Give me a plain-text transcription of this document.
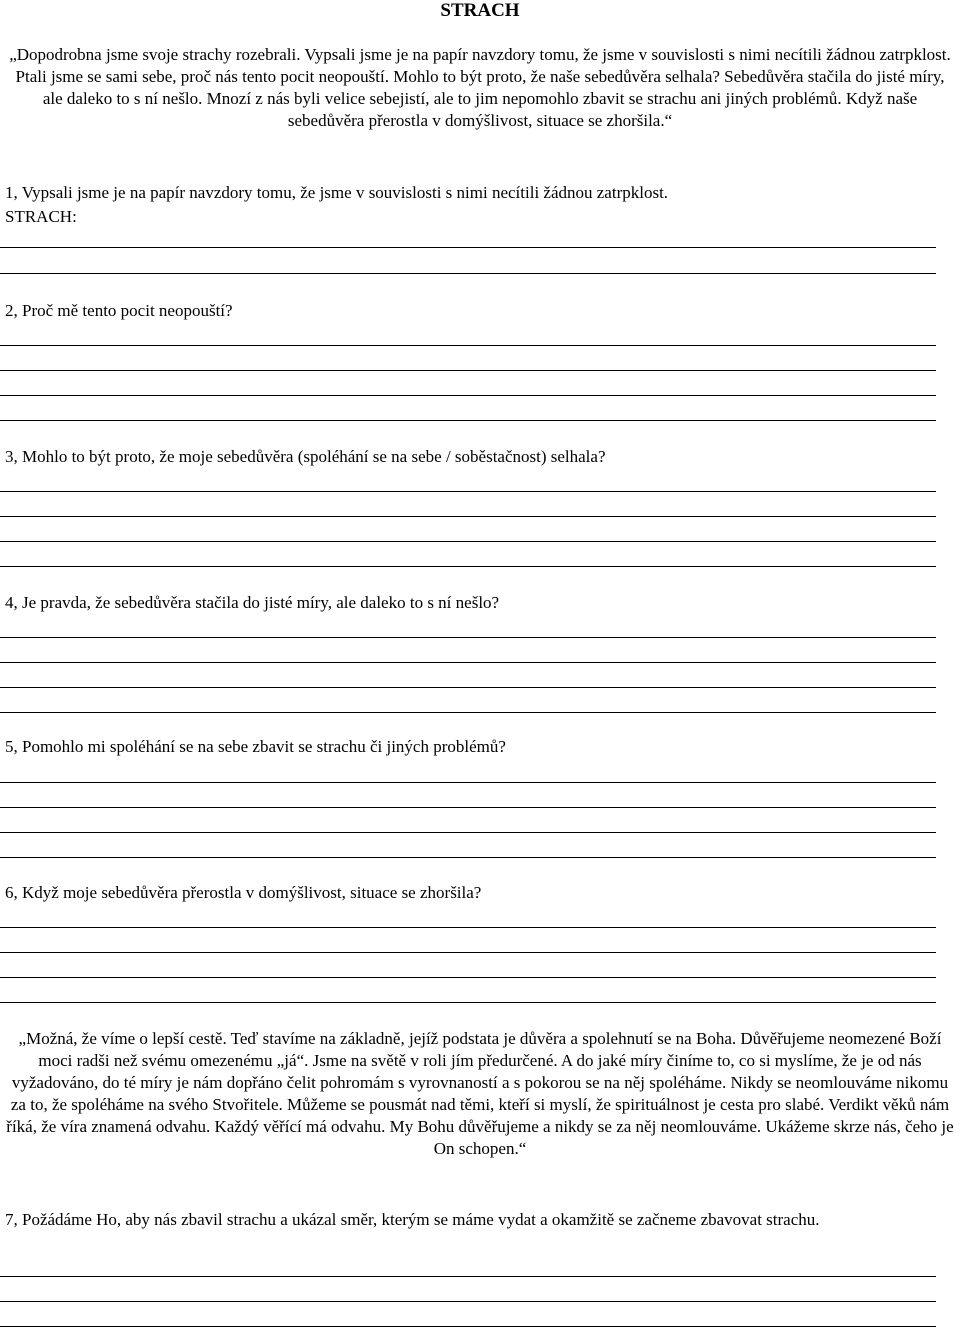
STRACH

„Dopodrobna jsme svoje strachy rozebrali. Vypsali jsme je na papír navzdory tomu, že jsme v souvislosti s nimi necítili žádnou zatrpklost. Ptali jsme se sami sebe, proč nás tento pocit neopouští. Mohlo to být proto, že naše sebedůvěra selhala? Sebedůvěra stačila do jisté míry, ale daleko to s ní nešlo. Mnozí z nás byli velice sebejistí, ale to jim nepomohlo zbavit se strachu ani jiných problémů. Když naše sebedůvěra přerostla v domýšlivost, situace se zhoršila.“

1, Vypsali jsme je na papír navzdory tomu, že jsme v souvislosti s nimi necítili žádnou zatrpklost.

STRACH:

2, Proč mě tento pocit neopouští?

3, Mohlo to být proto, že moje sebedůvěra (spoléhání se na sebe / soběstačnost) selhala?

4, Je pravda, že sebedůvěra stačila do jisté míry, ale daleko to s ní nešlo?

5, Pomohlo mi spoléhání se na sebe zbavit se strachu či jiných problémů?

6, Když moje sebedůvěra přerostla v domýšlivost, situace se zhoršila?

„Možná, že víme o lepší cestě. Teď stavíme na základně, jejíž podstata je důvěra a spolehnutí se na Boha. Důvěřujeme neomezené Boží moci radši než svému omezenému „já“. Jsme na světě v roli jím předurčené. A do jaké míry činíme to, co si myslíme, že je od nás vyžadováno, do té míry je nám dopřáno čelit pohromám s vyrovnaností a s pokorou se na něj spoléháme. Nikdy se neomlouváme nikomu za to, že spoléháme na svého Stvořitele. Můžeme se pousmát nad těmi, kteří si myslí, že spirituálnost je cesta pro slabé. Verdikt věků nám říká, že víra znamená odvahu. Každý věřící má odvahu. My Bohu důvěřujeme a nikdy se za něj neomlouváme. Ukážeme skrze nás, čeho je On schopen.“

7, Požádáme Ho, aby nás zbavil strachu a ukázal směr, kterým se máme vydat a okamžitě se začneme zbavovat strachu.
